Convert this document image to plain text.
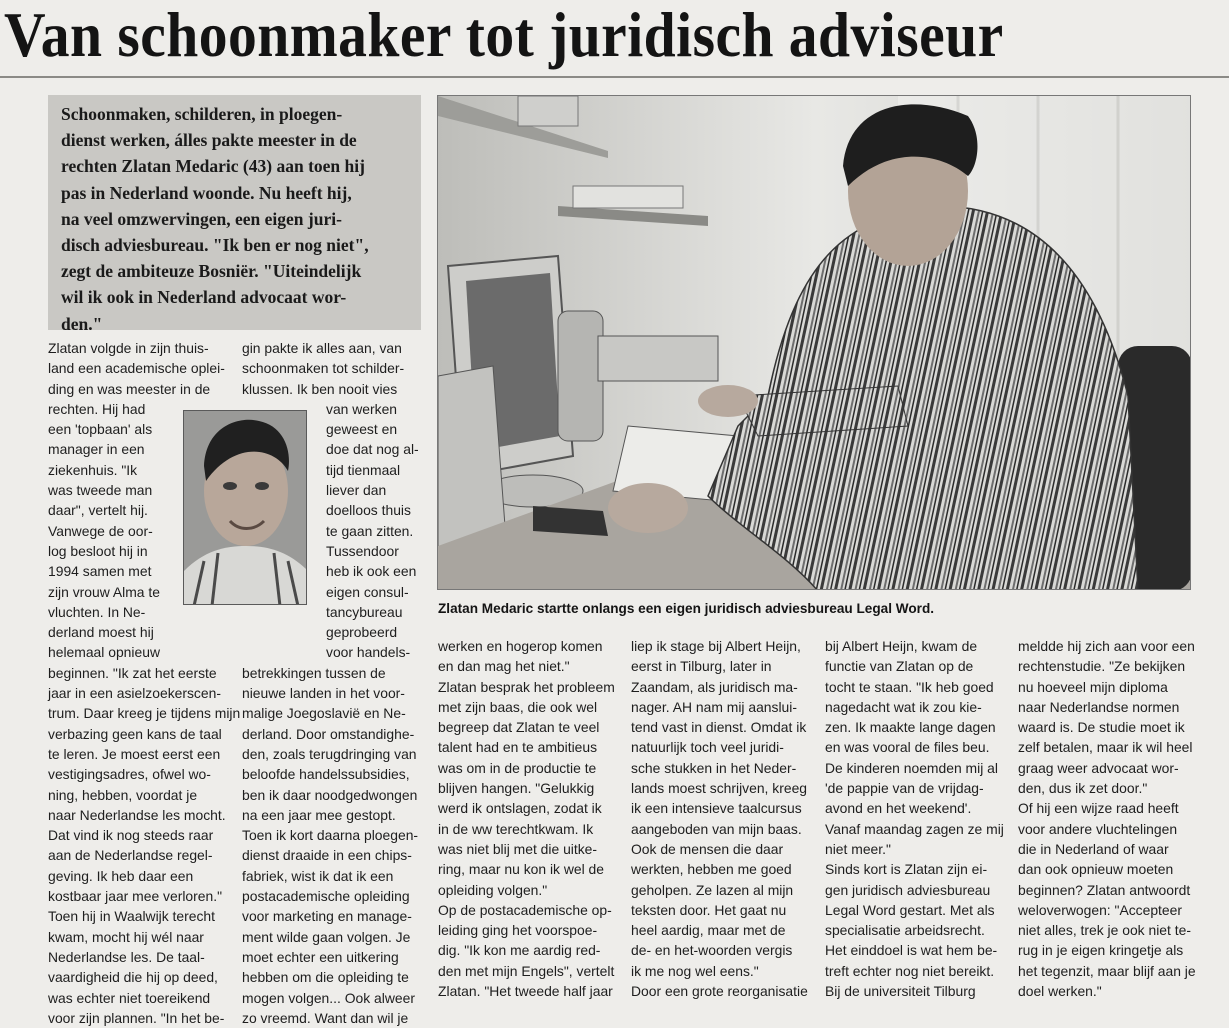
Van schoonmaker tot juridisch adviseur
Schoonmaken, schilderen, in ploegen-
dienst werken, álles pakte meester in de
rechten Zlatan Medaric (43) aan toen hij
pas in Nederland woonde. Nu heeft hij,
na veel omzwervingen, een eigen juri-
disch adviesbureau. "Ik ben er nog niet",
zegt de ambiteuze Bosniër. "Uiteindelijk
wil ik ook in Nederland advocaat wor-
den."
Zlatan Medaric startte onlangs een eigen juridisch adviesbureau Legal Word.
Zlatan volgde in zijn thuis-
land een academische oplei-
ding en was meester in de
rechten. Hij had
een 'topbaan' als
manager in een
ziekenhuis. "Ik
was tweede man
daar", vertelt hij.
Vanwege de oor-
log besloot hij in
1994 samen met
zijn vrouw Alma te
vluchten. In Ne-
derland moest hij
helemaal opnieuw
beginnen. "Ik zat het eerste
jaar in een asielzoekerscen-
trum. Daar kreeg je tijdens mijn
verbazing geen kans de taal
te leren. Je moest eerst een
vestigingsadres, ofwel wo-
ning, hebben, voordat je
naar Nederlandse les mocht.
Dat vind ik nog steeds raar
aan de Nederlandse regel-
geving. Ik heb daar een
kostbaar jaar mee verloren."
Toen hij in Waalwijk terecht
kwam, mocht hij wél naar
Nederlandse les. De taal-
vaardigheid die hij op deed,
was echter niet toereikend
voor zijn plannen. "In het be-
gin pakte ik alles aan, van
schoonmaken tot schilder-
klussen. Ik ben nooit vies
van werken
geweest en
doe dat nog al-
tijd tienmaal
liever dan
doelloos thuis
te gaan zitten.
Tussendoor
heb ik ook een
eigen consul-
tancybureau
geprobeerd
voor handels-
betrekkingen tussen de
nieuwe landen in het voor-
malige Joegoslavië en Ne-
derland. Door omstandighe-
den, zoals terugdringing van
beloofde handelssubsidies,
ben ik daar noodgedwongen
na een jaar mee gestopt.
Toen ik kort daarna ploegen-
dienst draaide in een chips-
fabriek, wist ik dat ik een
postacademische opleiding
voor marketing en manage-
ment wilde gaan volgen. Je
moet echter een uitkering
hebben om die opleiding te
mogen volgen... Ook alweer
zo vreemd. Want dan wil je
werken en hogerop komen
en dan mag het niet."
Zlatan besprak het probleem
met zijn baas, die ook wel
begreep dat Zlatan te veel
talent had en te ambitieus
was om in de productie te
blijven hangen. "Gelukkig
werd ik ontslagen, zodat ik
in de ww terechtkwam. Ik
was niet blij met die uitke-
ring, maar nu kon ik wel de
opleiding volgen."
Op de postacademische op-
leiding ging het voorspoe-
dig. "Ik kon me aardig red-
den met mijn Engels", vertelt
Zlatan. "Het tweede half jaar
liep ik stage bij Albert Heijn,
eerst in Tilburg, later in
Zaandam, als juridisch ma-
nager. AH nam mij aanslui-
tend vast in dienst. Omdat ik
natuurlijk toch veel juridi-
sche stukken in het Neder-
lands moest schrijven, kreeg
ik een intensieve taalcursus
aangeboden van mijn baas.
Ook de mensen die daar
werkten, hebben me goed
geholpen. Ze lazen al mijn
teksten door. Het gaat nu
heel aardig, maar met de
de- en het-woorden vergis
ik me nog wel eens."
Door een grote reorganisatie
bij Albert Heijn, kwam de
functie van Zlatan op de
tocht te staan. "Ik heb goed
nagedacht wat ik zou kie-
zen. Ik maakte lange dagen
en was vooral de files beu.
De kinderen noemden mij al
'de pappie van de vrijdag-
avond en het weekend'.
Vanaf maandag zagen ze mij
niet meer."
Sinds kort is Zlatan zijn ei-
gen juridisch adviesbureau
Legal Word gestart. Met als
specialisatie arbeidsrecht.
Het einddoel is wat hem be-
treft echter nog niet bereikt.
Bij de universiteit Tilburg
meldde hij zich aan voor een
rechtenstudie. "Ze bekijken
nu hoeveel mijn diploma
naar Nederlandse normen
waard is. De studie moet ik
zelf betalen, maar ik wil heel
graag weer advocaat wor-
den, dus ik zet door."
Of hij een wijze raad heeft
voor andere vluchtelingen
die in Nederland of waar
dan ook opnieuw moeten
beginnen? Zlatan antwoordt
weloverwogen: "Accepteer
niet alles, trek je ook niet te-
rug in je eigen kringetje als
het tegenzit, maar blijf aan je
doel werken."
